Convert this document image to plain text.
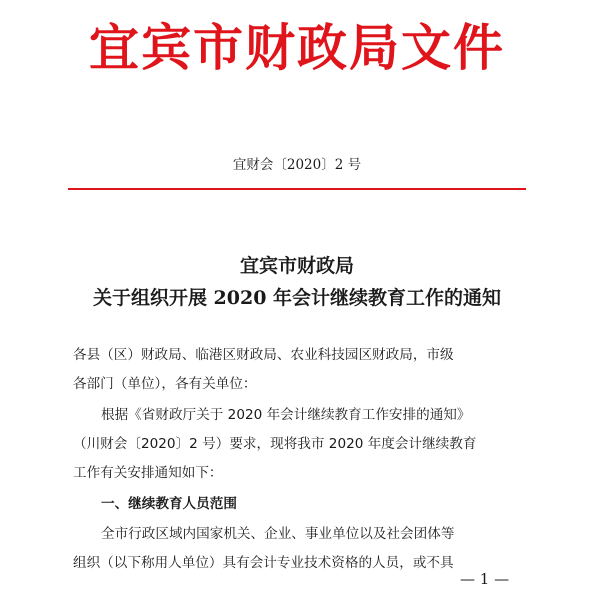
宜宾市财政局文件
宜财会〔2020〕2 号
宜宾市财政局
关于组织开展 2020 年会计继续教育工作的通知
各县（区）财政局、临港区财政局、农业科技园区财政局，市级
各部门（单位），各有关单位：
根据《省财政厅关于 2020 年会计继续教育工作安排的通知》
（川财会〔2020〕2 号）要求，现将我市 2020 年度会计继续教育
工作有关安排通知如下：
一、继续教育人员范围
全市行政区域内国家机关、企业、事业单位以及社会团体等
组织（以下称用人单位）具有会计专业技术资格的人员，或不具
— 1 —
